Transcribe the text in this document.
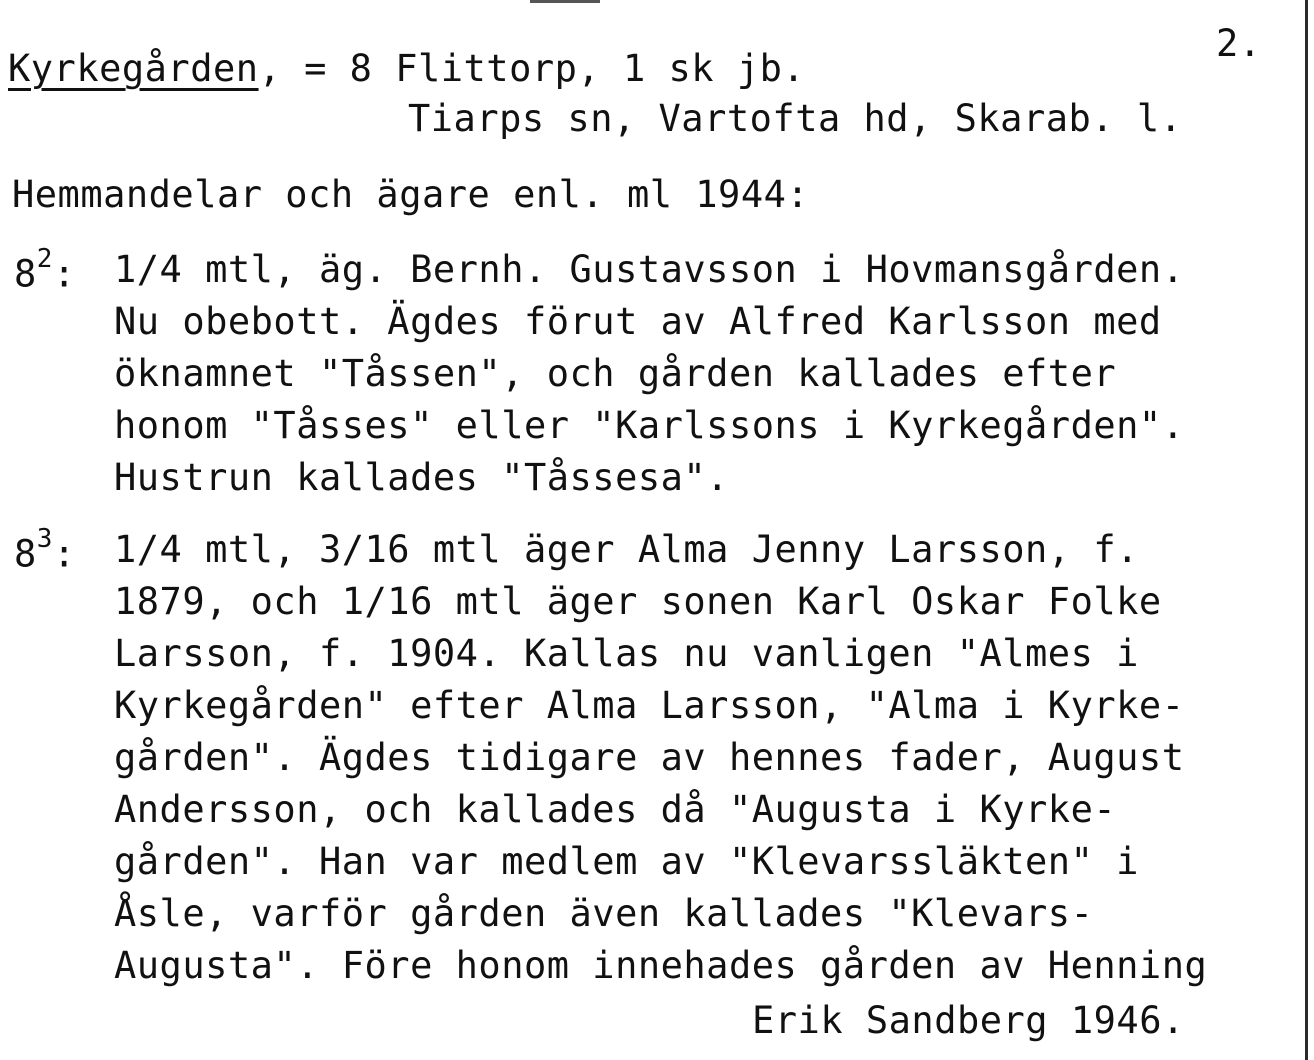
2.
Kyrkegården, = 8 Flittorp, 1 sk jb.
Tiarps sn, Vartofta hd, Skarab. l.
Hemmandelar och ägare enl. ml 1944:
$8^2$: 1/4 mtl, äg. Bernh. Gustavsson i Hovmansgården.
Nu obebott. Ägdes förut av Alfred Karlsson med
öknamnet "Tåssen", och gården kallades efter
honom "Tåsses" eller "Karlssons i Kyrkegården".
Hustrun kallades "Tåssesa".
$8^3$: 1/4 mtl, 3/16 mtl äger Alma Jenny Larsson, f.
1879, och 1/16 mtl äger sonen Karl Oskar Folke
Larsson, f. 1904. Kallas nu vanligen "Almes i
Kyrkegården" efter Alma Larsson, "Alma i Kyrke-
gården". Ägdes tidigare av hennes fader, August
Andersson, och kallades då "Augusta i Kyrke-
gården". Han var medlem av "Klevarssläkten" i
Åsle, varför gården även kallades "Klevars-
Augusta". Före honom innehades gården av Henning
Erik Sandberg 1946.
